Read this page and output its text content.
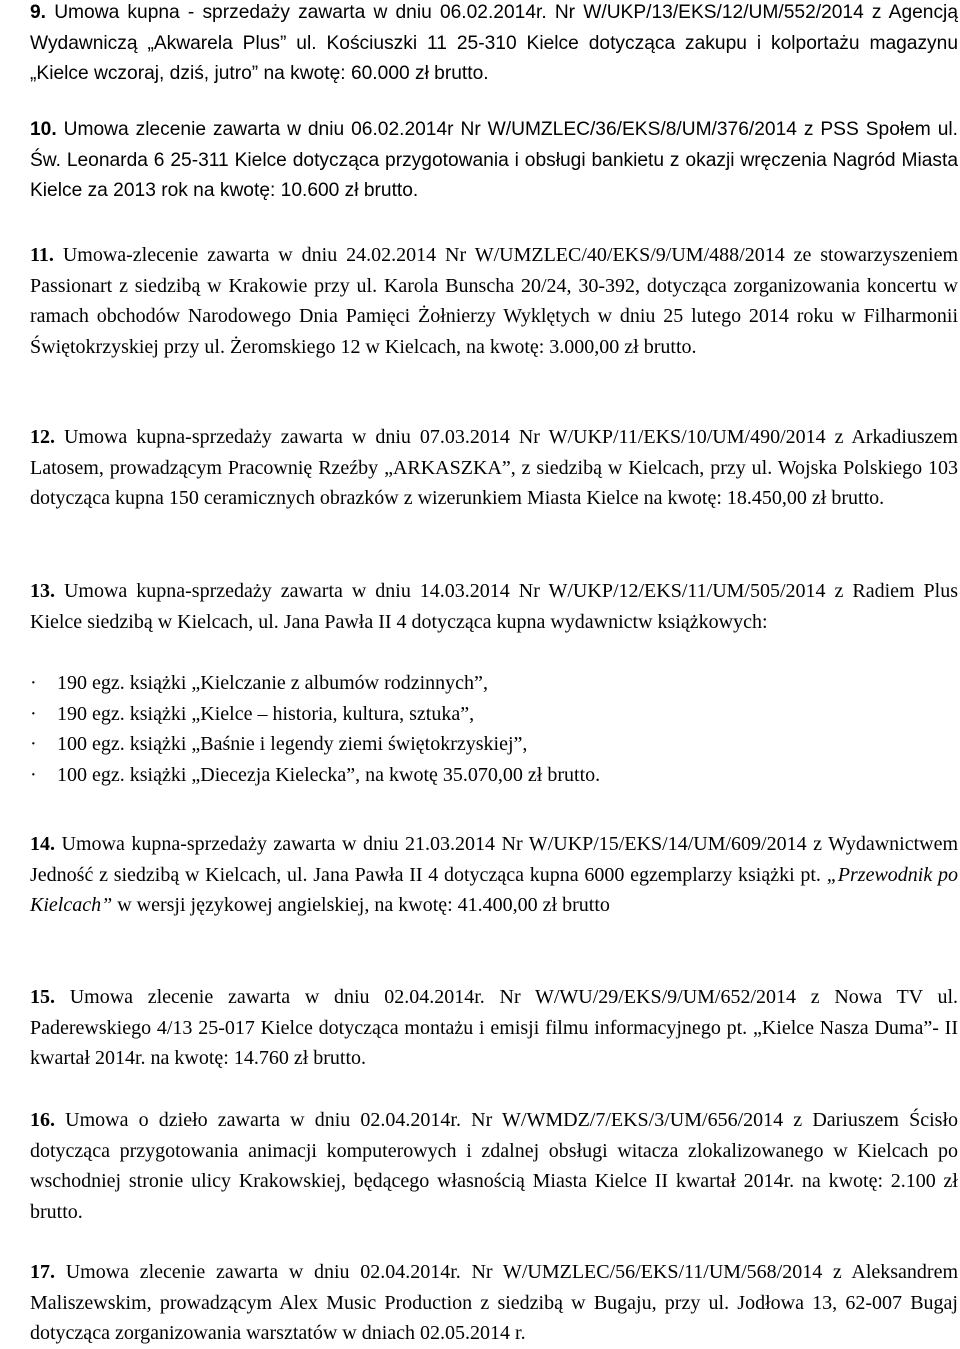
9. Umowa kupna - sprzedaży zawarta w dniu 06.02.2014r. Nr W/UKP/13/EKS/12/UM/552/2014 z Agencją Wydawniczą „Akwarela Plus” ul. Kościuszki 11 25-310 Kielce dotycząca zakupu i kolportażu magazynu „Kielce wczoraj, dziś, jutro” na kwotę: 60.000 zł brutto.
10. Umowa zlecenie zawarta w dniu 06.02.2014r Nr W/UMZLEC/36/EKS/8/UM/376/2014 z PSS Społem ul. Św. Leonarda 6 25-311 Kielce dotycząca przygotowania i obsługi bankietu z okazji wręczenia Nagród Miasta Kielce za 2013 rok na kwotę: 10.600 zł brutto.
11. Umowa-zlecenie zawarta w dniu 24.02.2014 Nr W/UMZLEC/40/EKS/9/UM/488/2014 ze stowarzyszeniem Passionart z siedzibą w Krakowie przy ul. Karola Bunscha 20/24, 30-392, dotycząca zorganizowania koncertu w ramach obchodów Narodowego Dnia Pamięci Żołnierzy Wyklętych w dniu 25 lutego 2014 roku w Filharmonii Świętokrzyskiej przy ul. Żeromskiego 12 w Kielcach, na kwotę: 3.000,00 zł brutto.
12. Umowa kupna-sprzedaży zawarta w dniu 07.03.2014 Nr W/UKP/11/EKS/10/UM/490/2014 z Arkadiuszem Latosem, prowadzącym Pracownię Rzeźby „ARKASZKA”, z siedzibą w Kielcach, przy ul. Wojska Polskiego 103 dotycząca kupna 150 ceramicznych obrazków z wizerunkiem Miasta Kielce na kwotę: 18.450,00 zł brutto.
13. Umowa kupna-sprzedaży zawarta w dniu 14.03.2014 Nr W/UKP/12/EKS/11/UM/505/2014 z Radiem Plus Kielce siedzibą w Kielcach, ul. Jana Pawła II 4 dotycząca kupna wydawnictw książkowych:
· 190 egz. książki „Kielczanie z albumów rodzinnych”,
· 190 egz. książki „Kielce – historia, kultura, sztuka”,
· 100 egz. książki „Baśnie i legendy ziemi świętokrzyskiej”,
· 100 egz. książki „Diecezja Kielecka”, na kwotę 35.070,00 zł brutto.
14. Umowa kupna-sprzedaży zawarta w dniu 21.03.2014 Nr W/UKP/15/EKS/14/UM/609/2014 z Wydawnictwem Jedność z siedzibą w Kielcach, ul. Jana Pawła II 4 dotycząca kupna 6000 egzemplarzy książki pt. „Przewodnik po Kielcach” w wersji językowej angielskiej, na kwotę: 41.400,00 zł brutto
15. Umowa zlecenie zawarta w dniu 02.04.2014r. Nr W/WU/29/EKS/9/UM/652/2014 z Nowa TV ul. Paderewskiego 4/13 25-017 Kielce dotycząca montażu i emisji filmu informacyjnego pt. „Kielce Nasza Duma”- II kwartał 2014r. na kwotę: 14.760 zł brutto.
16. Umowa o dzieło zawarta w dniu 02.04.2014r. Nr W/WMDZ/7/EKS/3/UM/656/2014 z Dariuszem Ścisło dotycząca przygotowania animacji komputerowych i zdalnej obsługi witacza zlokalizowanego w Kielcach po wschodniej stronie ulicy Krakowskiej, będącego własnością Miasta Kielce II kwartał 2014r. na kwotę: 2.100 zł brutto.
17. Umowa zlecenie zawarta w dniu 02.04.2014r. Nr W/UMZLEC/56/EKS/11/UM/568/2014 z Aleksandrem Maliszewskim, prowadzącym Alex Music Production z siedzibą w Bugaju, przy ul. Jodłowa 13, 62-007 Bugaj dotycząca zorganizowania warsztatów w dniach 02.05.2014 r.
